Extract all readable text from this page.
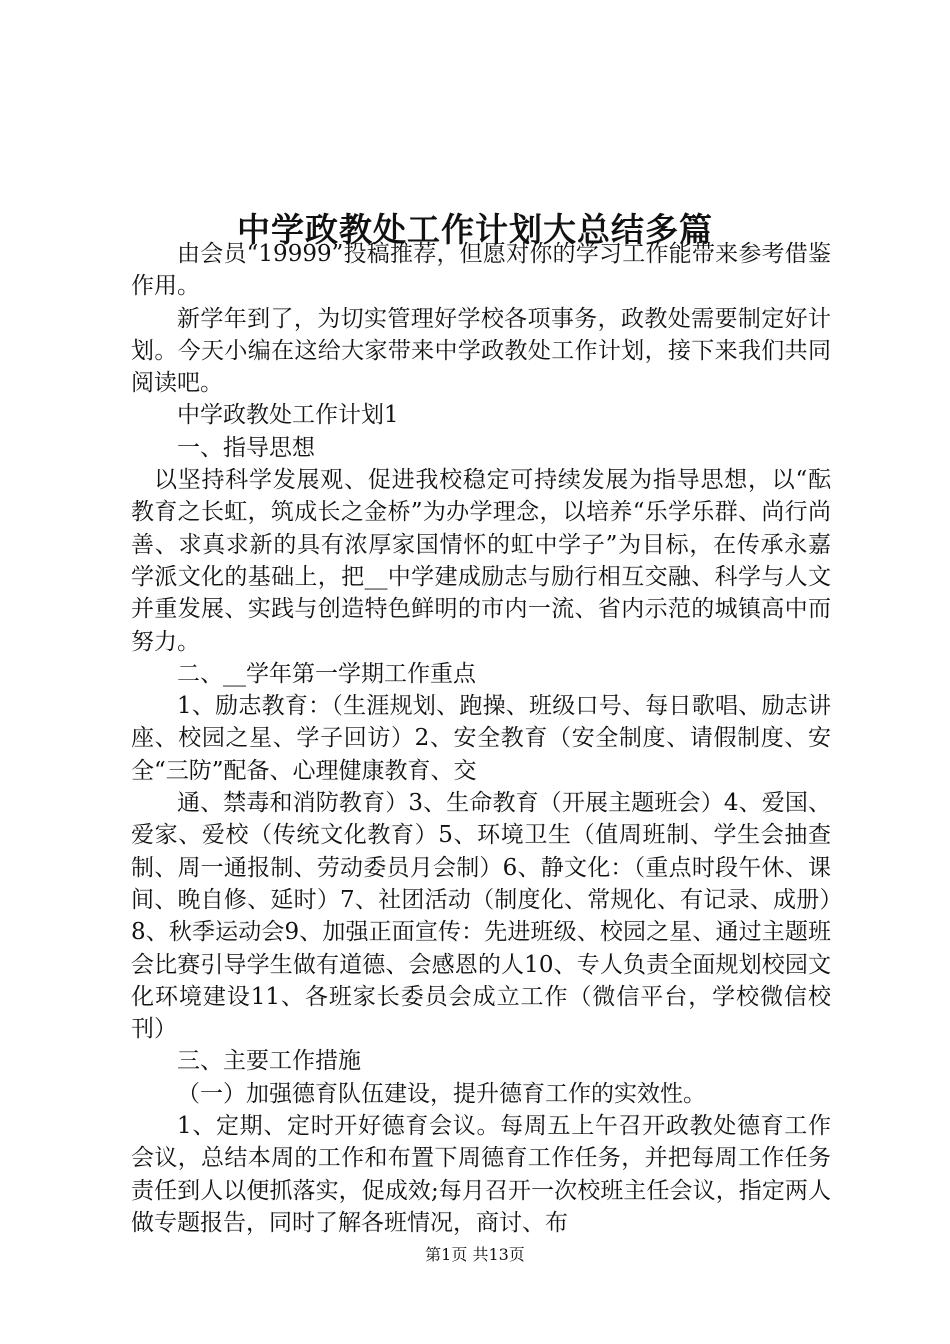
中学政教处工作计划大总结多篇

由会员“19999”投稿推荐，但愿对你的学习工作能带来参考借鉴作用。

新学年到了，为切实管理好学校各项事务，政教处需要制定好计划。今天小编在这给大家带来中学政教处工作计划，接下来我们共同阅读吧。

中学政教处工作计划1

一、指导思想

以坚持科学发展观、促进我校稳定可持续发展为指导思想，以“酝教育之长虹，筑成长之金桥”为办学理念，以培养“乐学乐群、尚行尚善、求真求新的具有浓厚家国情怀的虹中学子”为目标，在传承永嘉学派文化的基础上，把__中学建成励志与励行相互交融、科学与人文并重发展、实践与创造特色鲜明的市内一流、省内示范的城镇高中而努力。

二、__学年第一学期工作重点

1、励志教育：（生涯规划、跑操、班级口号、每日歌唱、励志讲座、校园之星、学子回访）2、安全教育（安全制度、请假制度、安全“三防”配备、心理健康教育、交

通、禁毒和消防教育）3、生命教育（开展主题班会）4、爱国、爱家、爱校（传统文化教育）5、环境卫生（值周班制、学生会抽查制、周一通报制、劳动委员月会制）6、静文化：（重点时段午休、课间、晚自修、延时）7、社团活动（制度化、常规化、有记录、成册）8、秋季运动会9、加强正面宣传：先进班级、校园之星、通过主题班会比赛引导学生做有道德、会感恩的人10、专人负责全面规划校园文化环境建设11、各班家长委员会成立工作（微信平台，学校微信校刊）

三、主要工作措施

（一）加强德育队伍建设，提升德育工作的实效性。

1、定期、定时开好德育会议。每周五上午召开政教处德育工作会议，总结本周的工作和布置下周德育工作任务，并把每周工作任务责任到人以便抓落实，促成效;每月召开一次校班主任会议，指定两人做专题报告，同时了解各班情况，商讨、布

第1页 共13页
